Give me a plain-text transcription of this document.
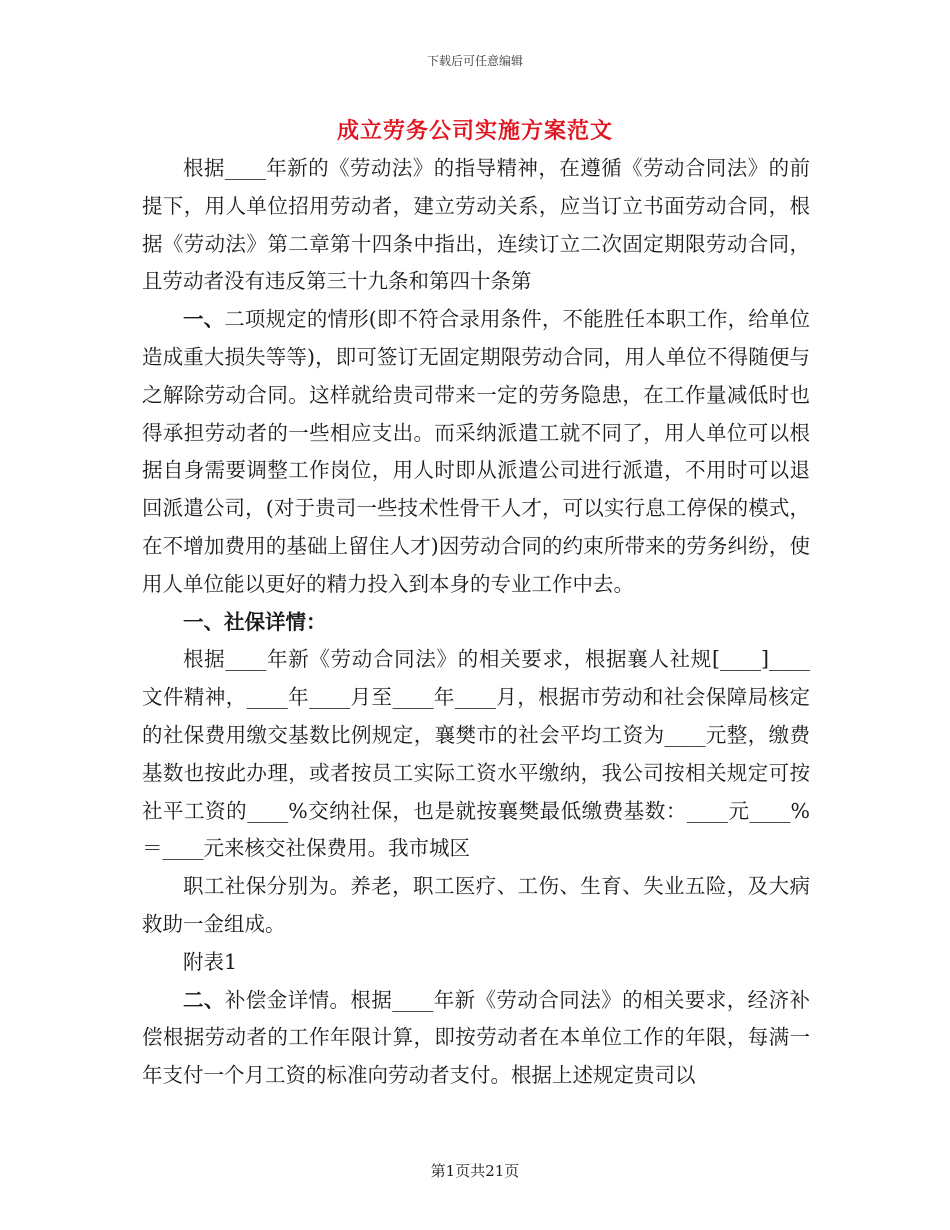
下载后可任意编辑
成立劳务公司实施方案范文

根据____年新的《劳动法》的指导精神，在遵循《劳动合同法》的前提下，用人单位招用劳动者，建立劳动关系，应当订立书面劳动合同，根据《劳动法》第二章第十四条中指出，连续订立二次固定期限劳动合同，且劳动者没有违反第三十九条和第四十条第

一、二项规定的情形(即不符合录用条件，不能胜任本职工作，给单位造成重大损失等等)，即可签订无固定期限劳动合同，用人单位不得随便与之解除劳动合同。这样就给贵司带来一定的劳务隐患，在工作量减低时也得承担劳动者的一些相应支出。而采纳派遣工就不同了，用人单位可以根据自身需要调整工作岗位，用人时即从派遣公司进行派遣，不用时可以退回派遣公司，(对于贵司一些技术性骨干人才，可以实行息工停保的模式，在不增加费用的基础上留住人才)因劳动合同的约束所带来的劳务纠纷，使用人单位能以更好的精力投入到本身的专业工作中去。

一、社保详情：

根据____年新《劳动合同法》的相关要求，根据襄人社规[____]____文件精神，____年____月至____年____月，根据市劳动和社会保障局核定的社保费用缴交基数比例规定，襄樊市的社会平均工资为____元整，缴费基数也按此办理，或者按员工实际工资水平缴纳，我公司按相关规定可按社平工资的____%交纳社保，也是就按襄樊最低缴费基数：____元____%＝____元来核交社保费用。我市城区

职工社保分别为。养老，职工医疗、工伤、生育、失业五险，及大病救助一金组成。

附表1

二、补偿金详情。根据____年新《劳动合同法》的相关要求，经济补偿根据劳动者的工作年限计算，即按劳动者在本单位工作的年限，每满一年支付一个月工资的标准向劳动者支付。根据上述规定贵司以

第1页共21页
